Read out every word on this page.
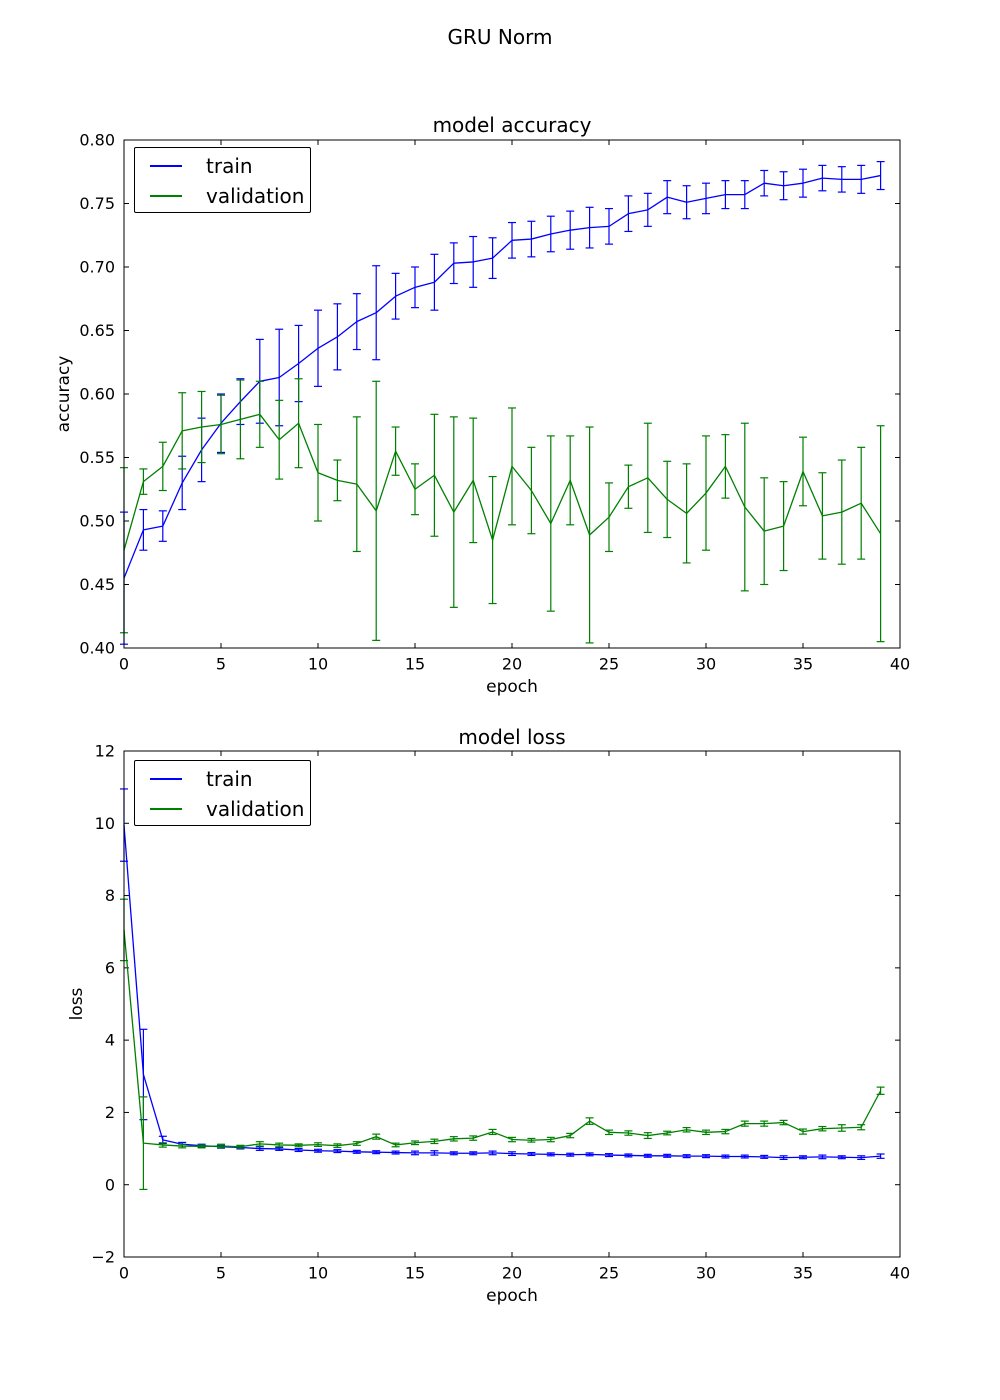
GRU Norm
0	5	10	15	20	25	30	35	40
0.40
0.45
0.50
0.55
0.60
0.65
0.70
0.75
0.80
0	5	10	15	20	25	30	35	40
−2
0
2
4
6
8
10
12
model accuracy
accuracy
epoch
model loss
loss
epoch
train
validation
train
validation
